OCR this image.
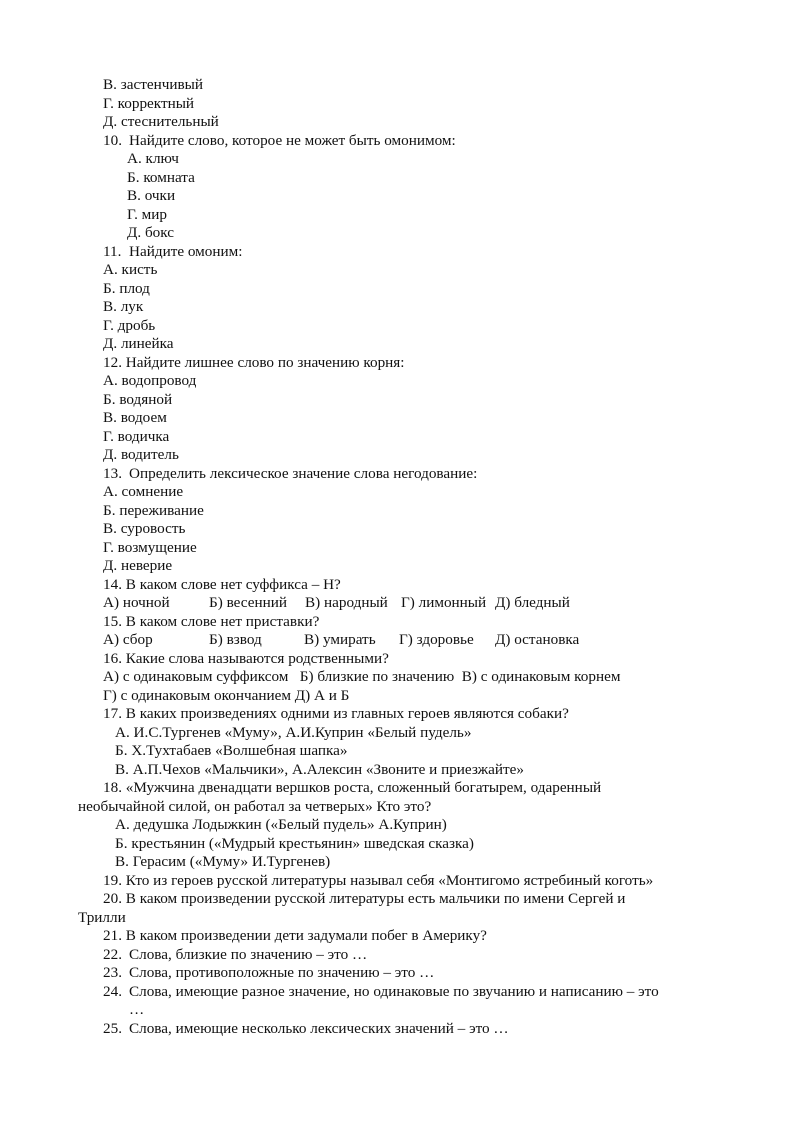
В. застенчивый
Г. корректный
Д. стеснительный
10. Найдите слово, которое не может быть омонимом:
А. ключ
Б. комната
В. очки
Г. мир
Д. бокс
11. Найдите омоним:
А. кисть
Б. плод
В. лук
Г. дробь
Д. линейка
12. Найдите лишнее слово по значению корня:
А. водопровод
Б. водяной
В. водоем
Г. водичка
Д. водитель
13. Определить лексическое значение слова негодование:
А. сомнение
Б. переживание
В. суровость
Г. возмущение
Д. неверие
14. В каком слове нет суффикса – Н?
А) ночной	Б) весенний В) народный Г) лимонный Д) бледный
15. В каком слове нет приставки?
А) сбор	Б) взвод	В) умирать Г) здоровье Д) остановка
16. Какие слова называются родственными?
А) с одинаковым суффиксом   Б) близкие по значению  В) с одинаковым корнем
Г) с одинаковым окончанием Д) А и Б
17. В каких произведениях одними из главных героев являются собаки?
А. И.С.Тургенев «Муму», А.И.Куприн «Белый пудель»
Б. Х.Тухтабаев «Волшебная шапка»
В. А.П.Чехов «Мальчики», А.Алексин «Звоните и приезжайте»
18. «Мужчина двенадцати вершков роста, сложенный богатырем, одаренный
необычайной силой, он работал за четверых» Кто это?
А. дедушка Лодыжкин («Белый пудель» А.Куприн)
Б. крестьянин («Мудрый крестьянин» шведская сказка)
В. Герасим («Муму» И.Тургенев)
19. Кто из героев русской литературы называл себя «Монтигомо ястребиный коготь»
20. В каком произведении русской литературы есть мальчики по имени Сергей и
Трилли
21. В каком произведении дети задумали побег в Америку?
22. Слова, близкие по значению – это …
23. Слова, противоположные по значению – это …
24. Слова, имеющие разное значение, но одинаковые по звучанию и написанию – это
…
25. Слова, имеющие несколько лексических значений – это …
